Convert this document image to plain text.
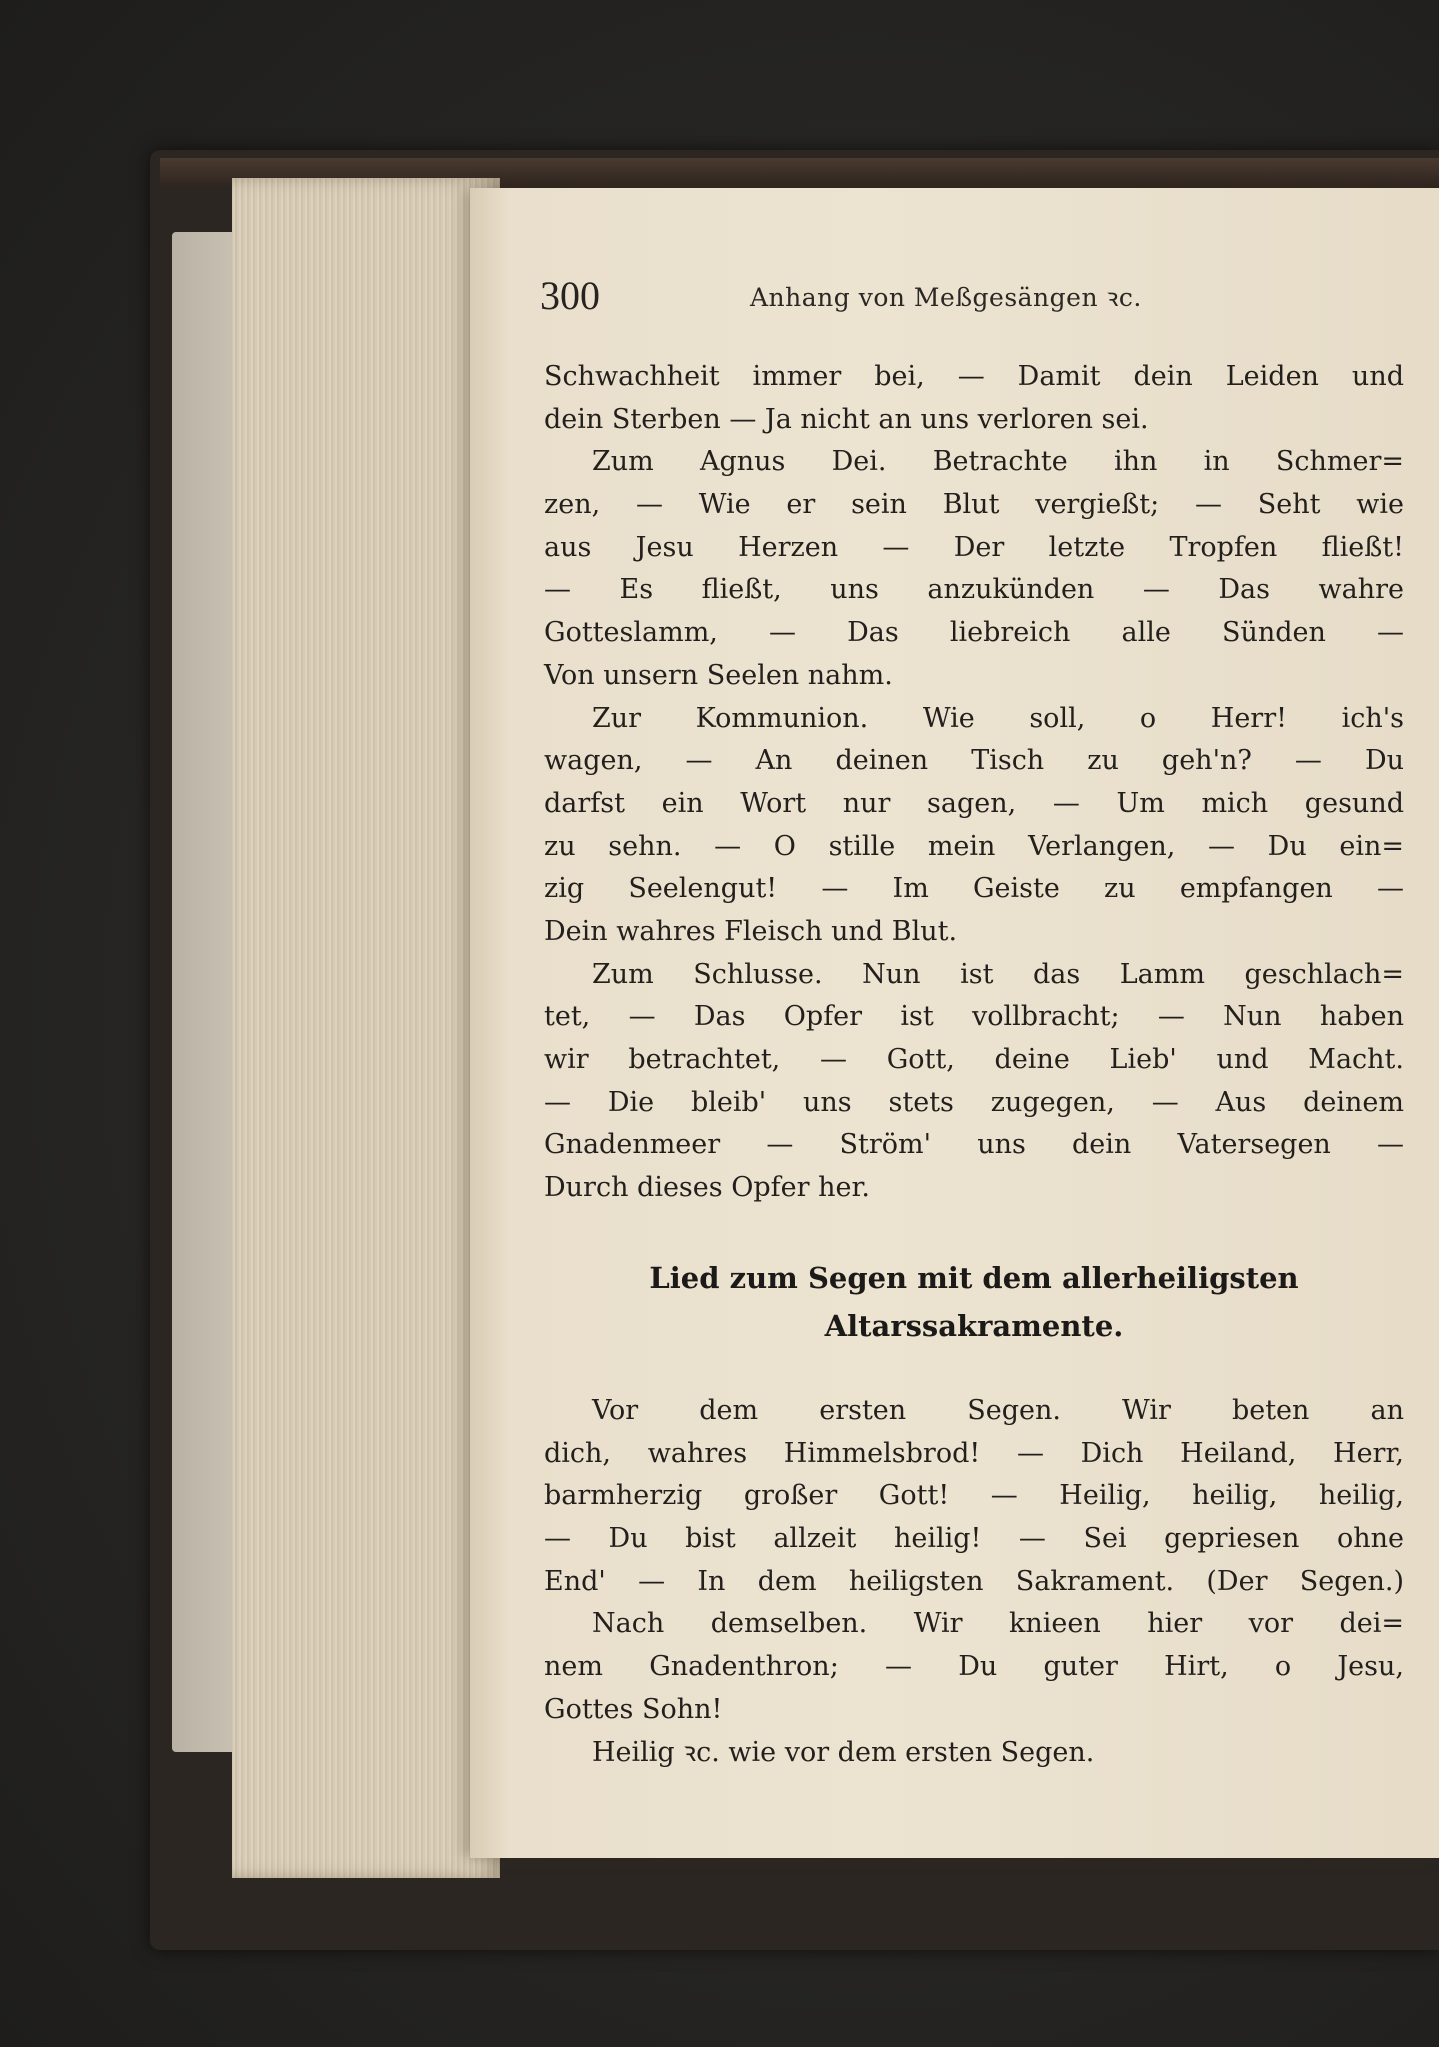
300	Anhang von Meßgesängen ꝛc.
Schwachheit immer bei, — Damit dein Leiden und
dein Sterben — Ja nicht an uns verloren sei.
Zum Agnus Dei. Betrachte ihn in Schmer=
zen, — Wie er sein Blut vergießt; — Seht wie
aus Jesu Herzen — Der letzte Tropfen fließt!
— Es fließt, uns anzukünden — Das wahre
Gotteslamm, — Das liebreich alle Sünden —
Von unsern Seelen nahm.
Zur Kommunion. Wie soll, o Herr! ich's
wagen, — An deinen Tisch zu geh'n? — Du
darfst ein Wort nur sagen, — Um mich gesund
zu sehn. — O stille mein Verlangen, — Du ein=
zig Seelengut! — Im Geiste zu empfangen —
Dein wahres Fleisch und Blut.
Zum Schlusse. Nun ist das Lamm geschlach=
tet, — Das Opfer ist vollbracht; — Nun haben
wir betrachtet, — Gott, deine Lieb' und Macht.
— Die bleib' uns stets zugegen, — Aus deinem
Gnadenmeer — Ström' uns dein Vatersegen —
Durch dieses Opfer her.
Lied zum Segen mit dem allerheiligsten
Altarssakramente.
Vor dem ersten Segen. Wir beten an
dich, wahres Himmelsbrod! — Dich Heiland, Herr,
barmherzig großer Gott! — Heilig, heilig, heilig,
— Du bist allzeit heilig! — Sei gepriesen ohne
End' — In dem heiligsten Sakrament. (Der Segen.)
Nach demselben. Wir knieen hier vor dei=
nem Gnadenthron; — Du guter Hirt, o Jesu,
Gottes Sohn!
Heilig ꝛc. wie vor dem ersten Segen.
